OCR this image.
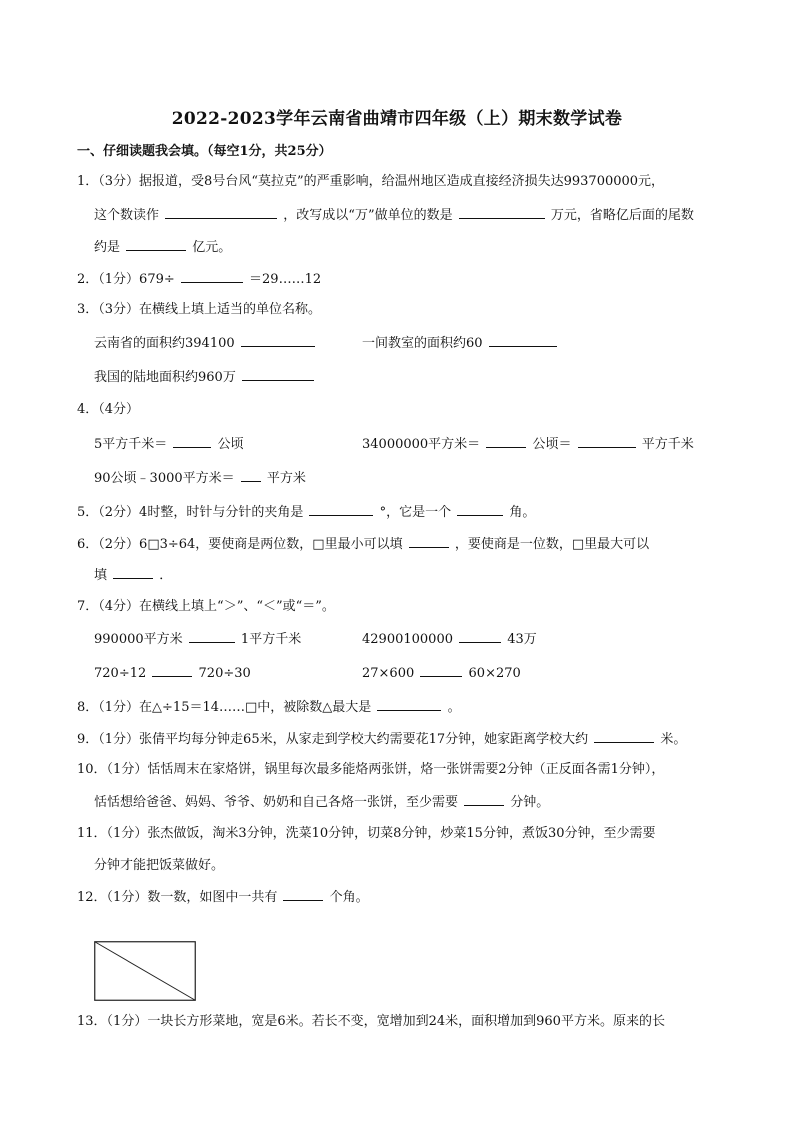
2022-2023学年云南省曲靖市四年级（上）期末数学试卷
一、仔细读题我会填。（每空1分，共25分）
1．（3分）据报道，受8号台风“莫拉克”的严重影响，给温州地区造成直接经济损失达993700000元，
这个数读作	，改写成以“万”做单位的数是	万元，省略亿后面的尾数
约是	亿元。
2．（1分）679÷	＝29……12
3．（3分）在横线上填上适当的单位名称。
云南省的面积约394100	一间教室的面积约60
我国的陆地面积约960万
4．（4分）
5平方千米＝	公顷	34000000平方米＝	公顷＝	平方千米
90公顷﹣3000平方米＝ 平方米
5．（2分）4时整，时针与分针的夹角是	°，它是一个	角。
6．（2分）6□3÷64，要使商是两位数，□里最小可以填	，要使商是一位数，□里最大可以
填	．
7．（4分）在横线上填上“＞”、“＜”或“＝”。
990000平方米	1平方千米	42900100000	43万
720÷12	720÷30	27×600	60×270
8．（1分）在△÷15＝14……□中，被除数△最大是	。
9．（1分）张倩平均每分钟走65米，从家走到学校大约需要花17分钟，她家距离学校大约	米。
10．（1分）恬恬周末在家烙饼，锅里每次最多能烙两张饼，烙一张饼需要2分钟（正反面各需1分钟），
恬恬想给爸爸、妈妈、爷爷、奶奶和自己各烙一张饼，至少需要	分钟。
11．（1分）张杰做饭，淘米3分钟，洗菜10分钟，切菜8分钟，炒菜15分钟，煮饭30分钟，至少需要
分钟才能把饭菜做好。
12．（1分）数一数，如图中一共有	个角。
13．（1分）一块长方形菜地，宽是6米。若长不变，宽增加到24米，面积增加到960平方米。原来的长
